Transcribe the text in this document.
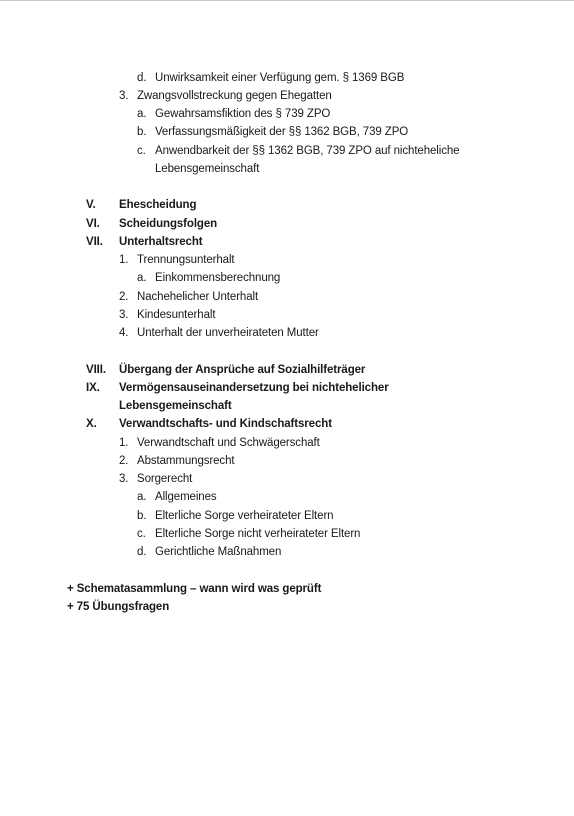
d. Unwirksamkeit einer Verfügung gem. § 1369 BGB
3. Zwangsvollstreckung gegen Ehegatten
a. Gewahrsamsfiktion des § 739 ZPO
b. Verfassungsmäßigkeit der §§ 1362 BGB, 739 ZPO
c. Anwendbarkeit der §§ 1362 BGB, 739 ZPO auf nichteheliche
Lebensgemeinschaft
V. Ehescheidung
VI. Scheidungsfolgen
VII. Unterhaltsrecht
1. Trennungsunterhalt
a. Einkommensberechnung
2. Nachehelicher Unterhalt
3. Kindesunterhalt
4. Unterhalt der unverheirateten Mutter
VIII. Übergang der Ansprüche auf Sozialhilfeträger
IX. Vermögensauseinandersetzung bei nichtehelicher
Lebensgemeinschaft
X. Verwandtschafts- und Kindschaftsrecht
1. Verwandtschaft und Schwägerschaft
2. Abstammungsrecht
3. Sorgerecht
a. Allgemeines
b. Elterliche Sorge verheirateter Eltern
c. Elterliche Sorge nicht verheirateter Eltern
d. Gerichtliche Maßnahmen
+ Schematasammlung – wann wird was geprüft
+ 75 Übungsfragen
